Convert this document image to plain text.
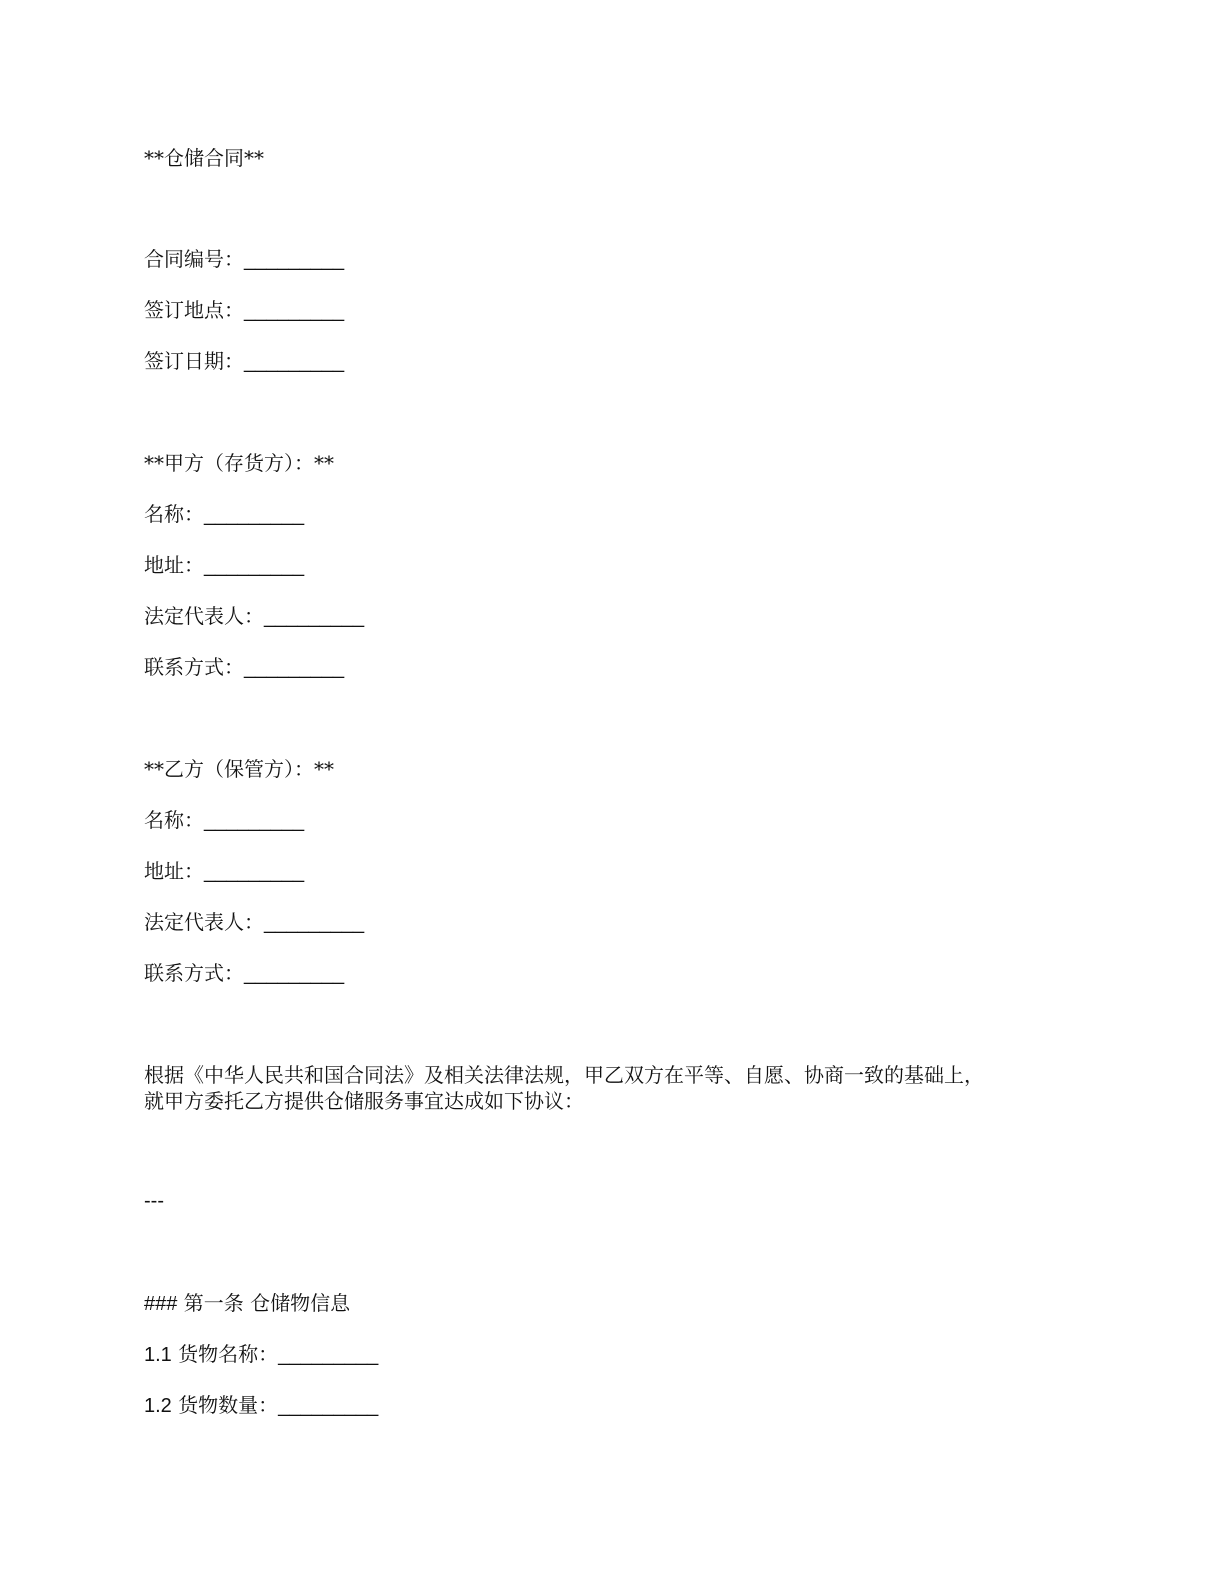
**仓储合同**
合同编号：_________
签订地点：_________
签订日期：_________
**甲方（存货方）：**
名称：_________
地址：_________
法定代表人：_________
联系方式：_________
**乙方（保管方）：**
名称：_________
地址：_________
法定代表人：_________
联系方式：_________
根据《中华人民共和国合同法》及相关法律法规，甲乙双方在平等、自愿、协商一致的基础上，
就甲方委托乙方提供仓储服务事宜达成如下协议：
---
### 第一条 仓储物信息
1.1 货物名称：_________
1.2 货物数量：_________
